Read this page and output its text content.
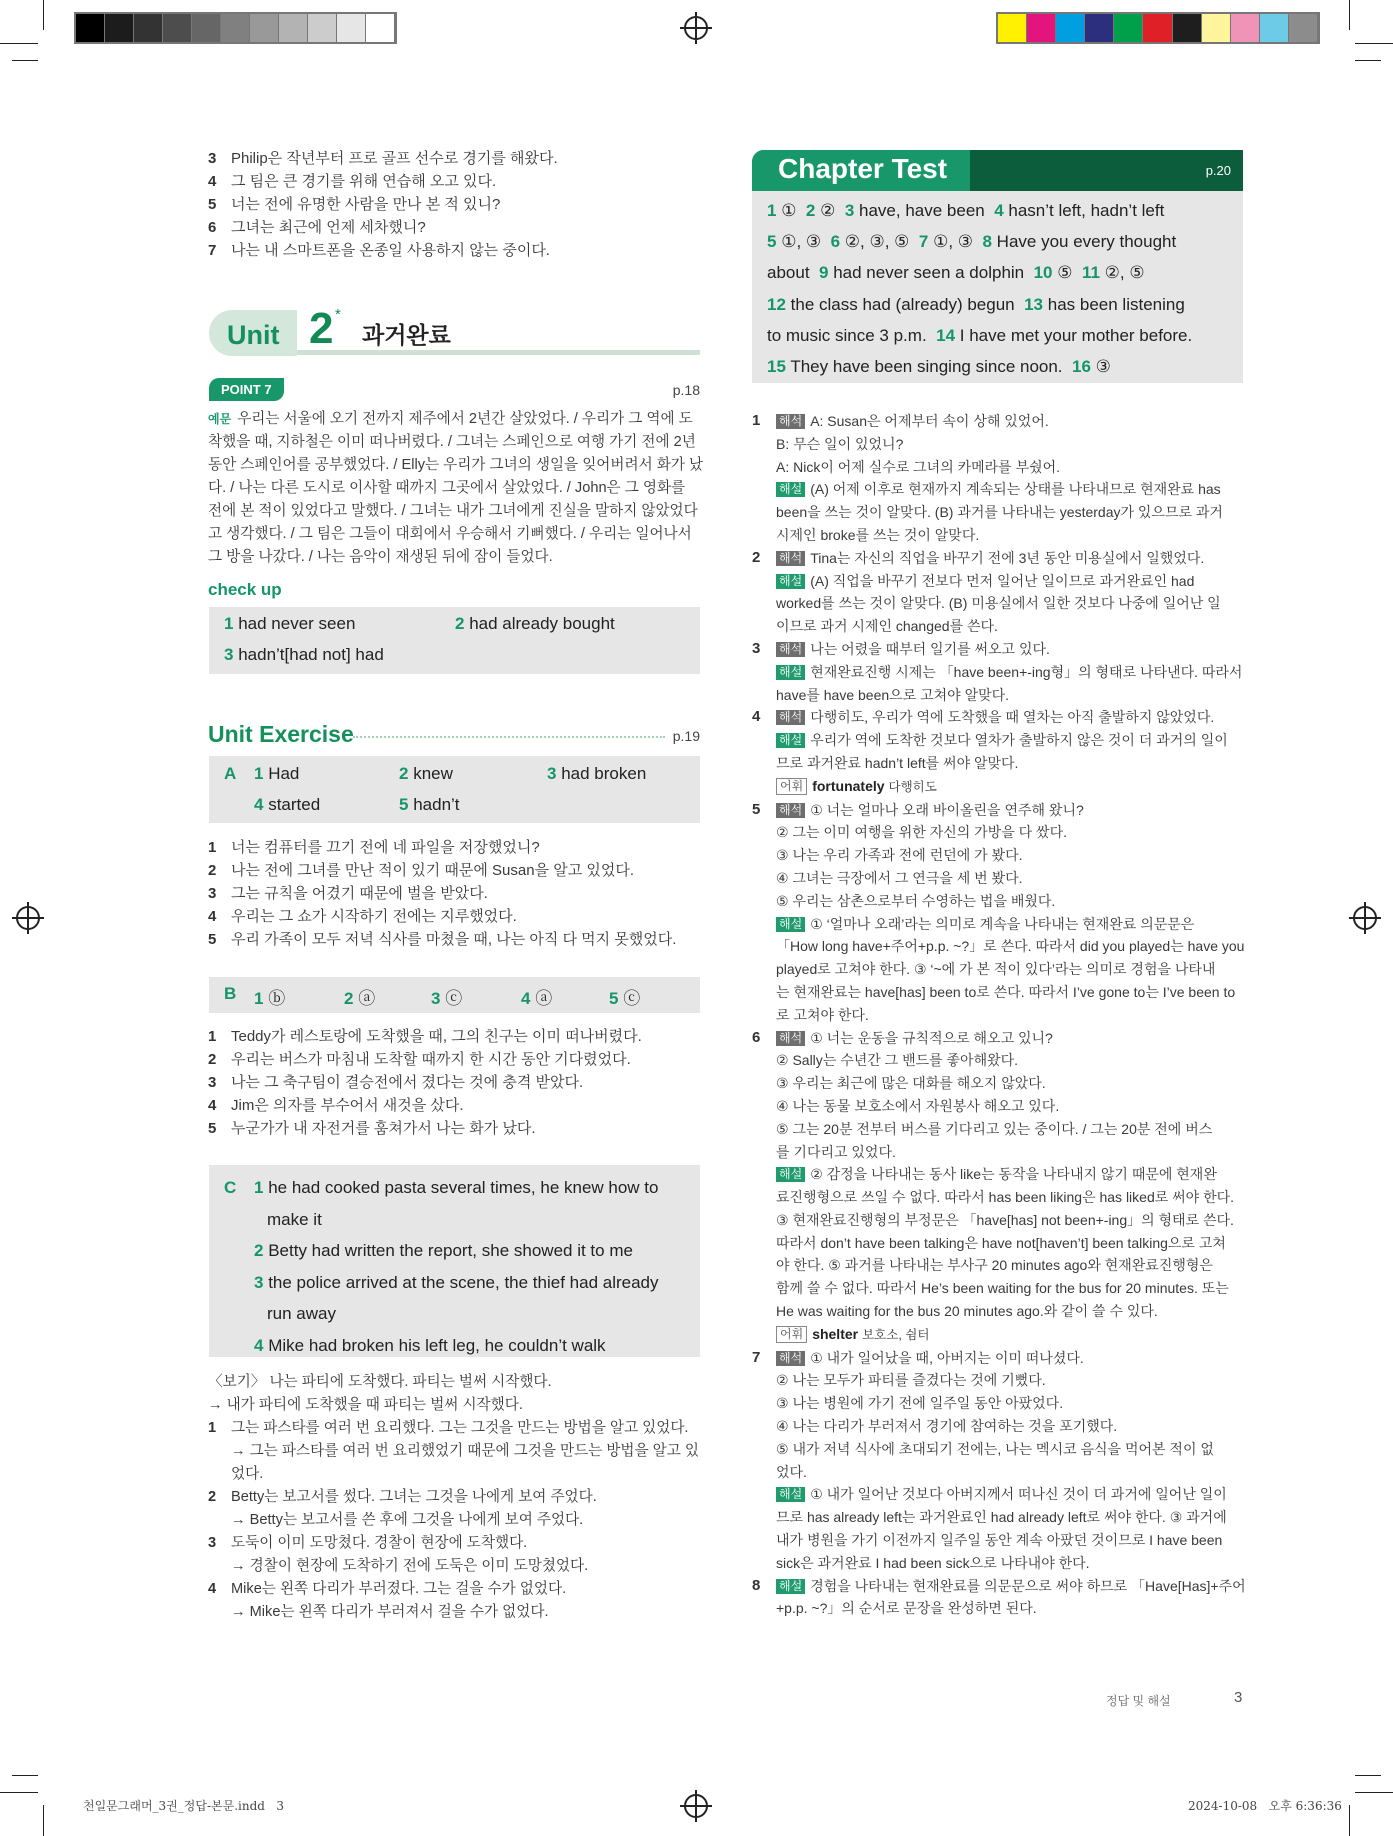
3 Philip은 작년부터 프로 골프 선수로 경기를 해왔다.
4 그 팀은 큰 경기를 위해 연습해 오고 있다.
5 너는 전에 유명한 사람을 만나 본 적 있니?
6 그녀는 최근에 언제 세차했니?
7 나는 내 스마트폰을 온종일 사용하지 않는 중이다.
Unit 2 *
과거완료
POINT 7	p.18
예문 우리는 서울에 오기 전까지 제주에서 2년간 살았었다. / 우리가 그 역에 도
착했을 때, 지하철은 이미 떠나버렸다. / 그녀는 스페인으로 여행 가기 전에 2년
동안 스페인어를 공부했었다. / Elly는 우리가 그녀의 생일을 잊어버려서 화가 났
다. / 나는 다른 도시로 이사할 때까지 그곳에서 살았었다. / John은 그 영화를
전에 본 적이 있었다고 말했다. / 그녀는 내가 그녀에게 진실을 말하지 않았었다
고 생각했다. / 그 팀은 그들이 대회에서 우승해서 기뻐했다. / 우리는 일어나서
그 방을 나갔다. / 나는 음악이 재생된 뒤에 잠이 들었다.
check up
1 had never seen	2 had already bought
3 hadn’t[had not] had
Unit Exercise	p.19
A 1 Had	2 knew	3 had broken
4 started	5 hadn’t
1 너는 컴퓨터를 끄기 전에 네 파일을 저장했었니?
2 나는 전에 그녀를 만난 적이 있기 때문에 Susan을 알고 있었다.
3 그는 규칙을 어겼기 때문에 벌을 받았다.
4 우리는 그 쇼가 시작하기 전에는 지루했었다.
5 우리 가족이 모두 저녁 식사를 마쳤을 때, 나는 아직 다 먹지 못했었다.
B 1 ⓑ	2 ⓐ	3 ⓒ	4 ⓐ	5 ⓒ
1 Teddy가 레스토랑에 도착했을 때, 그의 친구는 이미 떠나버렸다.
2 우리는 버스가 마침내 도착할 때까지 한 시간 동안 기다렸었다.
3 나는 그 축구팀이 결승전에서 졌다는 것에 충격 받았다.
4 Jim은 의자를 부수어서 새것을 샀다.
5 누군가가 내 자전거를 훔쳐가서 나는 화가 났다.
C 1 he had cooked pasta several times, he knew how to
make it
2 Betty had written the report, she showed it to me
3 the police arrived at the scene, the thief had already
run away
4 Mike had broken his left leg, he couldn’t walk
〈보기〉 나는 파티에 도착했다. 파티는 벌써 시작했다.
→ 내가 파티에 도착했을 때 파티는 벌써 시작했다.
1	그는 파스타를 여러 번 요리했다. 그는 그것을 만드는 방법을 알고 있었다.
→ 그는 파스타를 여러 번 요리했었기 때문에 그것을 만드는 방법을 알고 있
었다.
2	Betty는 보고서를 썼다. 그녀는 그것을 나에게 보여 주었다.
→ Betty는 보고서를 쓴 후에 그것을 나에게 보여 주었다.
3	도둑이 이미 도망쳤다. 경찰이 현장에 도착했다.
→ 경찰이 현장에 도착하기 전에 도둑은 이미 도망쳤었다.
4	Mike는 왼쪽 다리가 부러졌다. 그는 걸을 수가 없었다.
→ Mike는 왼쪽 다리가 부러져서 걸을 수가 없었다.
Chapter Test	p.20
1 ① 2 ② 3 have, have been 4 hasn’t left, hadn’t left
5 ①, ③ 6 ②, ③, ⑤ 7 ①, ③ 8 Have you every thought
about 9 had never seen a dolphin 10 ⑤ 11 ②, ⑤
12 the class had (already) begun 13 has been listening
to music since 3 p.m. 14 I have met your mother before.
15 They have been singing since noon. 16 ③
1 해석 A: Susan은 어제부터 속이 상해 있었어.
B: 무슨 일이 있었니?
A: Nick이 어제 실수로 그녀의 카메라를 부쉈어.
해설 (A) 어제 이후로 현재까지 계속되는 상태를 나타내므로 현재완료 has
been을 쓰는 것이 알맞다. (B) 과거를 나타내는 yesterday가 있으므로 과거
시제인 broke를 쓰는 것이 알맞다.
2 해석 Tina는 자신의 직업을 바꾸기 전에 3년 동안 미용실에서 일했었다.
해설 (A) 직업을 바꾸기 전보다 먼저 일어난 일이므로 과거완료인 had
worked를 쓰는 것이 알맞다. (B) 미용실에서 일한 것보다 나중에 일어난 일
이므로 과거 시제인 changed를 쓴다.
3 해석 나는 어렸을 때부터 일기를 써오고 있다.
해설 현재완료진행 시제는 「have been+-ing형」의 형태로 나타낸다. 따라서
have를 have been으로 고쳐야 알맞다.
4 해석 다행히도, 우리가 역에 도착했을 때 열차는 아직 출발하지 않았었다.
해설 우리가 역에 도착한 것보다 열차가 출발하지 않은 것이 더 과거의 일이
므로 과거완료 hadn’t left를 써야 알맞다.
어휘 fortunately 다행히도
5 해석 ① 너는 얼마나 오래 바이올린을 연주해 왔니?
② 그는 이미 여행을 위한 자신의 가방을 다 쌌다.
③ 나는 우리 가족과 전에 런던에 가 봤다.
④ 그녀는 극장에서 그 연극을 세 번 봤다.
⑤ 우리는 삼촌으로부터 수영하는 법을 배웠다.
해설 ① ‘얼마나 오래’라는 의미로 계속을 나타내는 현재완료 의문문은
「How long have+주어+p.p. ~?」로 쓴다. 따라서 did you played는 have you
played로 고쳐야 한다. ③ ‘~에 가 본 적이 있다’라는 의미로 경험을 나타내
는 현재완료는 have[has] been to로 쓴다. 따라서 I’ve gone to는 I’ve been to
로 고쳐야 한다.
6 해석 ① 너는 운동을 규칙적으로 해오고 있니?
② Sally는 수년간 그 밴드를 좋아해왔다.
③ 우리는 최근에 많은 대화를 해오지 않았다.
④ 나는 동물 보호소에서 자원봉사 해오고 있다.
⑤ 그는 20분 전부터 버스를 기다리고 있는 중이다. / 그는 20분 전에 버스
를 기다리고 있었다.
해설 ② 감정을 나타내는 동사 like는 동작을 나타내지 않기 때문에 현재완
료진행형으로 쓰일 수 없다. 따라서 has been liking은 has liked로 써야 한다.
③ 현재완료진행형의 부정문은 「have[has] not been+-ing」의 형태로 쓴다.
따라서 don’t have been talking은 have not[haven’t] been talking으로 고쳐
야 한다. ⑤ 과거를 나타내는 부사구 20 minutes ago와 현재완료진행형은
함께 쓸 수 없다. 따라서 He’s been waiting for the bus for 20 minutes. 또는
He was waiting for the bus 20 minutes ago.와 같이 쓸 수 있다.
어휘 shelter 보호소, 쉼터
7 해석 ① 내가 일어났을 때, 아버지는 이미 떠나셨다.
② 나는 모두가 파티를 즐겼다는 것에 기뻤다.
③ 나는 병원에 가기 전에 일주일 동안 아팠었다.
④ 나는 다리가 부러져서 경기에 참여하는 것을 포기했다.
⑤ 내가 저녁 식사에 초대되기 전에는, 나는 멕시코 음식을 먹어본 적이 없
었다.
해설 ① 내가 일어난 것보다 아버지께서 떠나신 것이 더 과거에 일어난 일이
므로 has already left는 과거완료인 had already left로 써야 한다. ③ 과거에
내가 병원을 가기 이전까지 일주일 동안 계속 아팠던 것이므로 I have been
sick은 과거완료 I had been sick으로 나타내야 한다.
8 해설 경험을 나타내는 현재완료를 의문문으로 써야 하므로 「Have[Has]+주어
+p.p. ~?」의 순서로 문장을 완성하면 된다.
정답 및 해설	3
천일문그래머_3권_정답-본문.indd   3	2024-10-08   오후 6:36:36
